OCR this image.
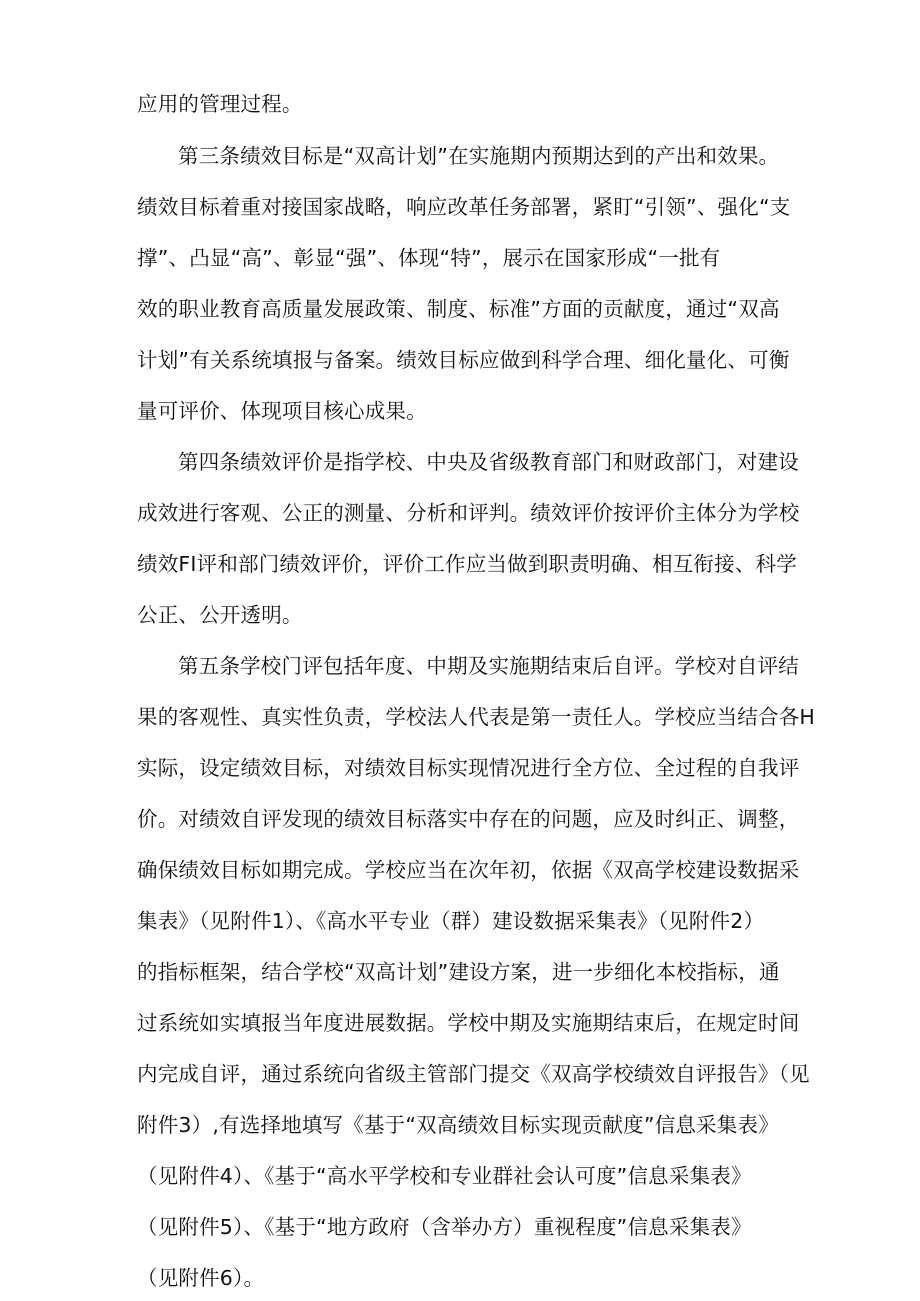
应用的管理过程。
第三条绩效目标是“双高计划”在实施期内预期达到的产出和效果。
绩效目标着重对接国家战略，响应改革任务部署，紧盯“引领”、强化“支
撑”、凸显“高”、彰显“强”、体现“特”，展示在国家形成“一批有
效的职业教育高质量发展政策、制度、标准”方面的贡献度，通过“双高
计划”有关系统填报与备案。绩效目标应做到科学合理、细化量化、可衡
量可评价、体现项目核心成果。
第四条绩效评价是指学校、中央及省级教育部门和财政部门，对建设
成效进行客观、公正的测量、分析和评判。绩效评价按评价主体分为学校
绩效FI评和部门绩效评价，评价工作应当做到职责明确、相互衔接、科学
公正、公开透明。
第五条学校门评包括年度、中期及实施期结束后自评。学校对自评结
果的客观性、真实性负责，学校法人代表是第一责任人。学校应当结合各H
实际，设定绩效目标，对绩效目标实现情况进行全方位、全过程的自我评
价。对绩效自评发现的绩效目标落实中存在的问题，应及时纠正、调整，
确保绩效目标如期完成。学校应当在次年初，依据《双高学校建设数据采
集表》（见附件1）、《高水平专业（群）建设数据采集表》（见附件2）
的指标框架，结合学校“双高计划”建设方案，进一步细化本校指标，通
过系统如实填报当年度进展数据。学校中期及实施期结束后，在规定时间
内完成自评，通过系统向省级主管部门提交《双高学校绩效自评报告》（见
附件3）,有选择地填写《基于“双高绩效目标实现贡献度”信息采集表》
（见附件4）、《基于“高水平学校和专业群社会认可度”信息采集表》
（见附件5）、《基于“地方政府（含举办方）重视程度”信息采集表》
（见附件6）。
